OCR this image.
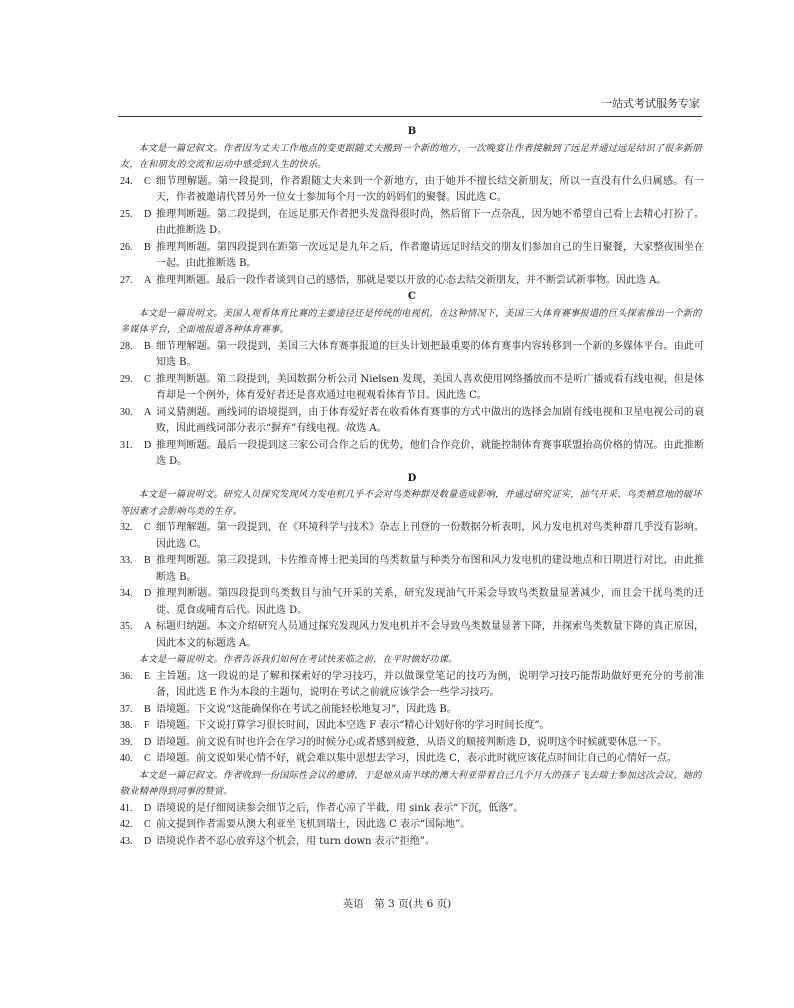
一站式考试服务专家

B

本文是一篇记叙文。作者因为丈夫工作地点的变更跟随丈夫搬到一个新的地方，一次晚宴让作者接触到了远足并通过远足结识了很多新朋友，在和朋友的交流和运动中感受到人生的快乐。

24.	C 细节理解题。第一段提到，作者跟随丈夫来到一个新地方，由于她并不擅长结交新朋友，所以一直没有什么归属感。有一天，作者被邀请代替另外一位女士参加每个月一次的妈妈们的聚餐。因此选 C。
25.	D 推理判断题。第二段提到，在远足那天作者把头发盘得很时尚，然后留下一点杂乱，因为她不希望自己看上去精心打扮了。由此推断选 D。
26.	B 推理判断题。第四段提到在距第一次远足是九年之后，作者邀请远足时结交的朋友们参加自己的生日聚餐，大家整夜围坐在一起。由此推断选 B。
27.	A 推理判断题。最后一段作者谈到自己的感悟，那就是要以开放的心态去结交新朋友，并不断尝试新事物。因此选 A。

C

本文是一篇说明文。美国人观看体育比赛的主要途径还是传统的电视机，在这种情况下，美国三大体育赛事报道的巨头探索推出一个新的多媒体平台，全面地报道各种体育赛事。

28.	B 细节理解题。第一段提到，美国三大体育赛事报道的巨头计划把最重要的体育赛事内容转移到一个新的多媒体平台。由此可知选 B。
29.	C 推理判断题。第二段提到，美国数据分析公司 Nielsen 发现，美国人喜欢使用网络播放而不是听广播或看有线电视，但是体育却是一个例外，体育爱好者还是喜欢通过电视观看体育节目。因此选 C。
30.	A 词义猜测题。画线词的语境提到，由于体育爱好者在收看体育赛事的方式中做出的选择会加剧有线电视和卫星电视公司的衰败，因此画线词部分表示“摒弃”有线电视。故选 A。
31.	D 推理判断题。最后一段提到这三家公司合作之后的优势，他们合作竞价，就能控制体育赛事联盟抬高价格的情况。由此推断选 D。

D

本文是一篇说明文。研究人员探究发现风力发电机几乎不会对鸟类种群及数量造成影响，并通过研究证实，油气开采、鸟类栖息地的破坏等因素才会影响鸟类的生存。

32.	C 细节理解题。第一段提到，在《环境科学与技术》杂志上刊登的一份数据分析表明，风力发电机对鸟类种群几乎没有影响。因此选 C。
33.	B 推理判断题。第三段提到，卡佐维奇博士把美国的鸟类数量与种类分布图和风力发电机的建设地点和日期进行对比，由此推断选 B。
34.	D 推理判断题。第四段提到鸟类数目与油气开采的关系，研究发现油气开采会导致鸟类数量显著减少，而且会干扰鸟类的迁徙、觅食或哺育后代。因此选 D。
35.	A 标题归纳题。本文介绍研究人员通过探究发现风力发电机并不会导致鸟类数量显著下降，并探索鸟类数量下降的真正原因，因此本文的标题选 A。

本文是一篇说明文。作者告诉我们如何在考试快来临之前，在平时做好功课。

36.	E 主旨题。这一段说的是了解和探索好的学习技巧，并以做课堂笔记的技巧为例，说明学习技巧能帮助做好更充分的考前准备，因此选 E 作为本段的主题句，说明在考试之前就应该学会一些学习技巧。
37.	B 语境题。下文说“这能确保你在考试之前能轻松地复习”，因此选 B。
38.	F 语境题。下文说打算学习很长时间，因此本空选 F 表示“精心计划好你的学习时间长度”。
39.	D 语境题。前文说有时也许会在学习的时候分心或者感到疲惫，从语义的顺接判断选 D，说明这个时候就要休息一下。
40.	C 语境题。前文说如果心情不好，就会难以集中思想去学习，因此选 C，表示此时就应该花点时间让自己的心情好一点。

本文是一篇记叙文。作者收到一份国际性会议的邀请，于是她从南半球的澳大利亚带着自己几个月大的孩子飞去瑞士参加这次会议，她的敬业精神得到同事的赞赏。

41.	D 语境说的是仔细阅读参会细节之后，作者心凉了半截，用 sink 表示“下沉，低落”。
42.	C 前文提到作者需要从澳大利亚坐飞机到瑞士，因此选 C 表示“国际地”。
43.	D 语境说作者不忍心放弃这个机会，用 turn down 表示“拒绝”。
英语　第 3 页(共 6 页)
